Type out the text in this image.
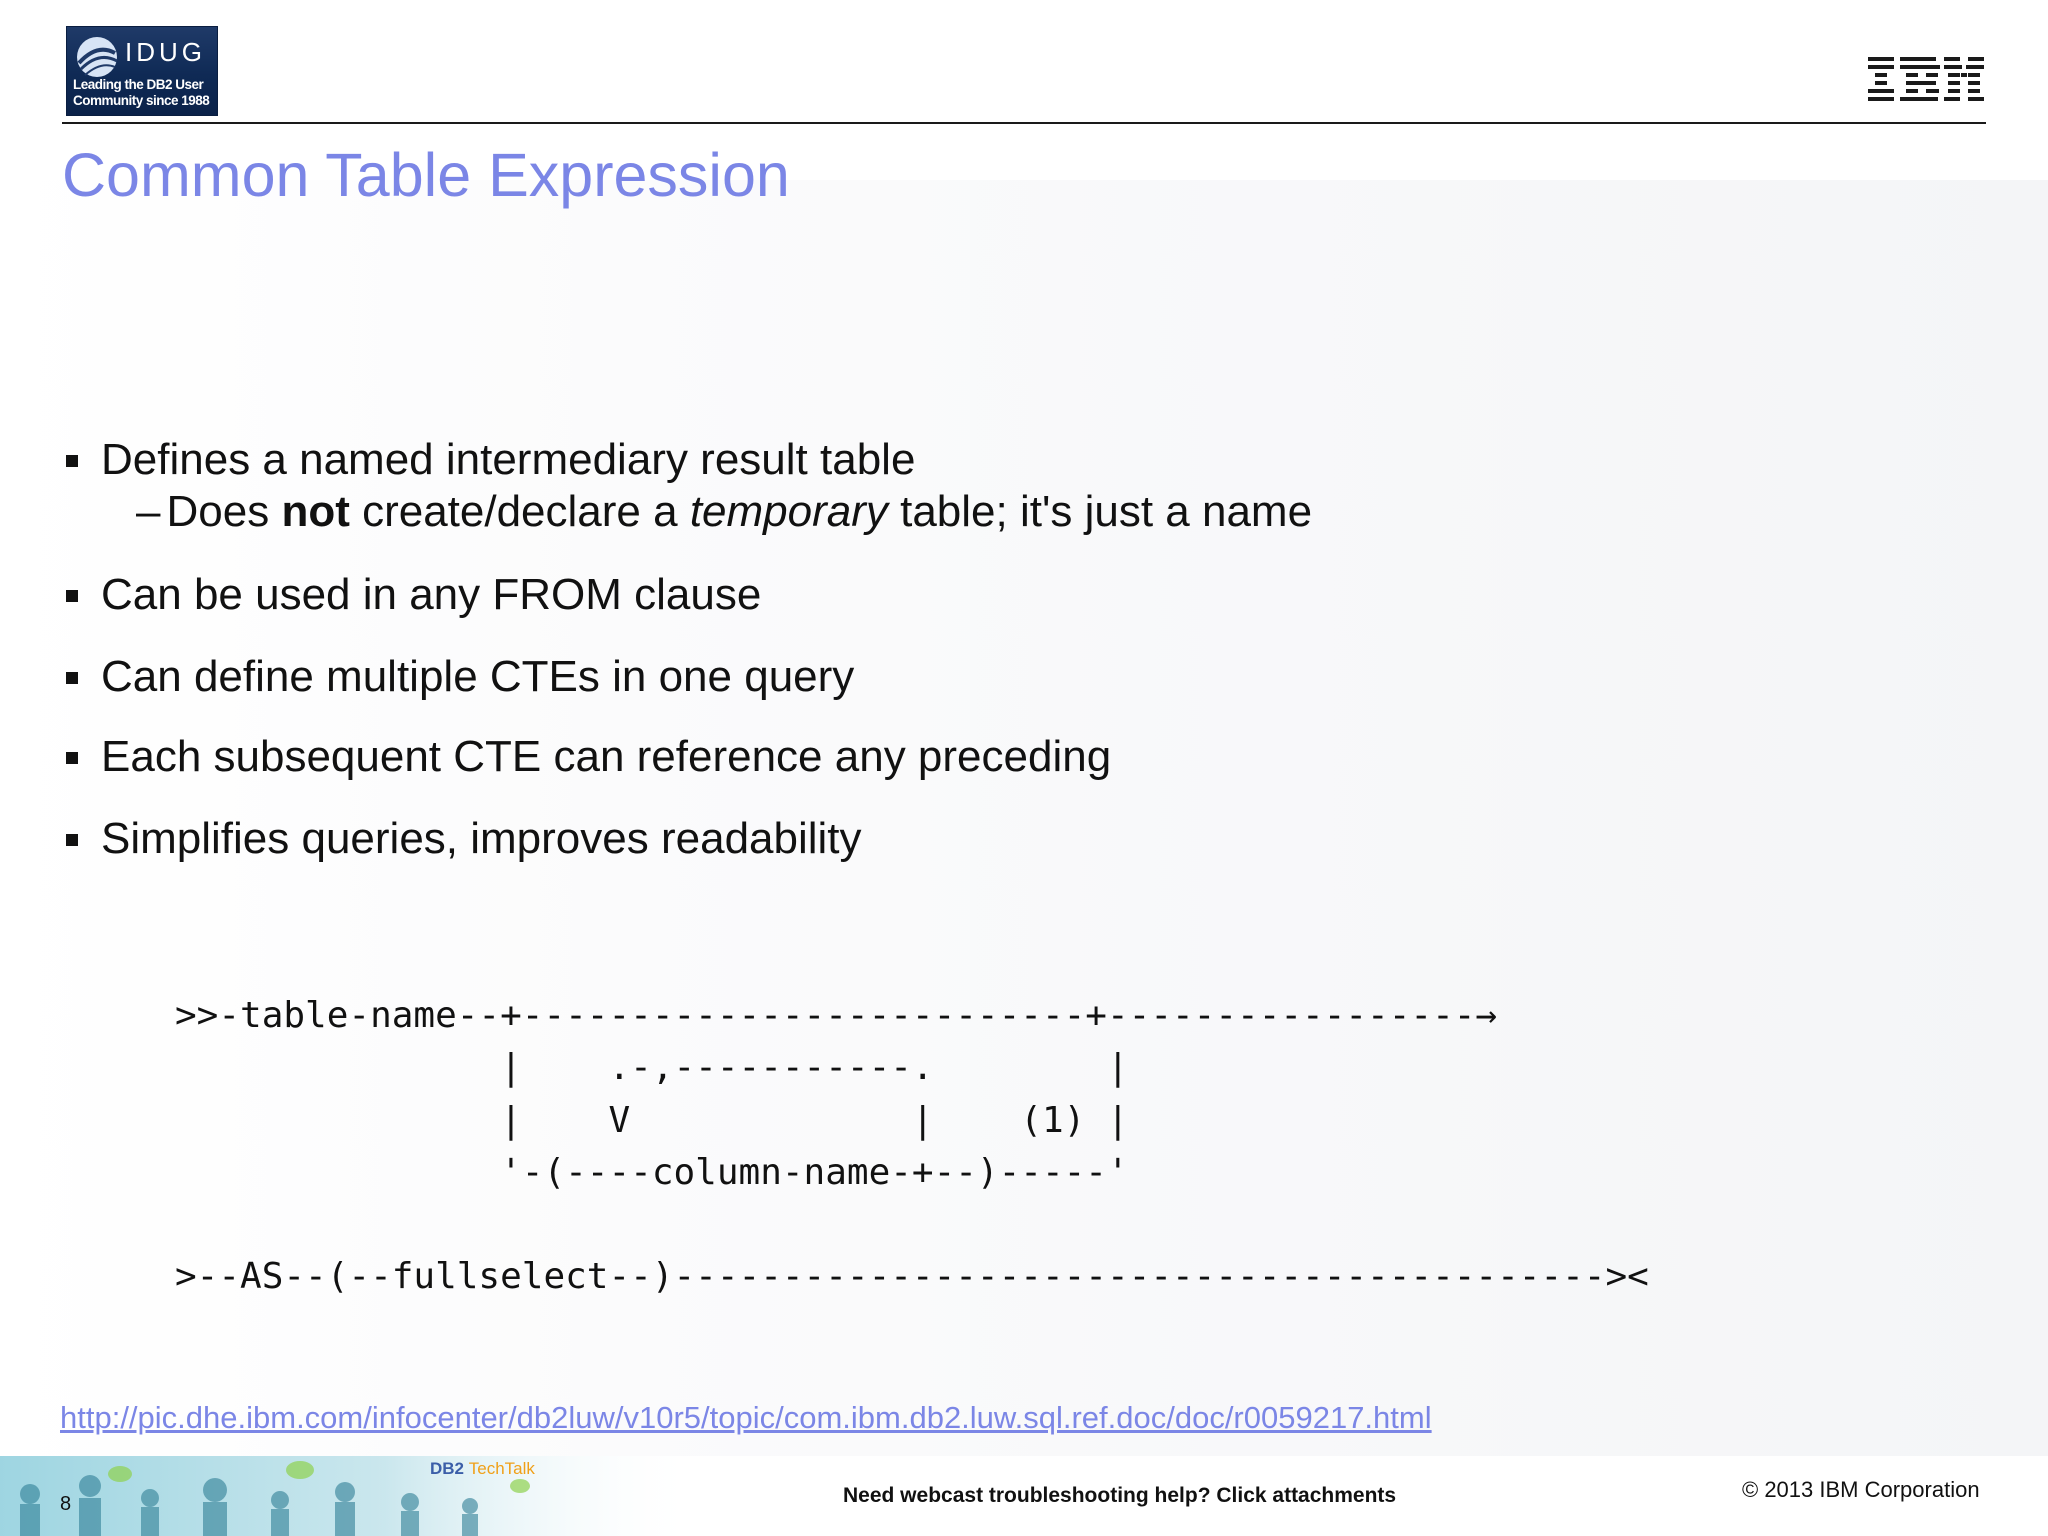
IDUG
Leading the DB2 User
Community since 1988
Common Table Expression
Defines a named intermediary result table
– Does not create/declare a temporary table; it's just a name
Can be used in any FROM clause
Can define multiple CTEs in one query
Each subsequent CTE can reference any preceding
Simplifies queries, improves readability
>>-table-name--+--------------------------+-----------------→
|    .-,-----------.        |
|    V             |    (1) |
'-(----column-name-+--)-----'

>--AS--(--fullselect--)-------------------------------------------><
http://pic.dhe.ibm.com/infocenter/db2luw/v10r5/topic/com.ibm.db2.luw.sql.ref.doc/doc/r0059217.html
8
DB2 TechTalk
Need webcast troubleshooting help? Click attachments	© 2013 IBM Corporation
